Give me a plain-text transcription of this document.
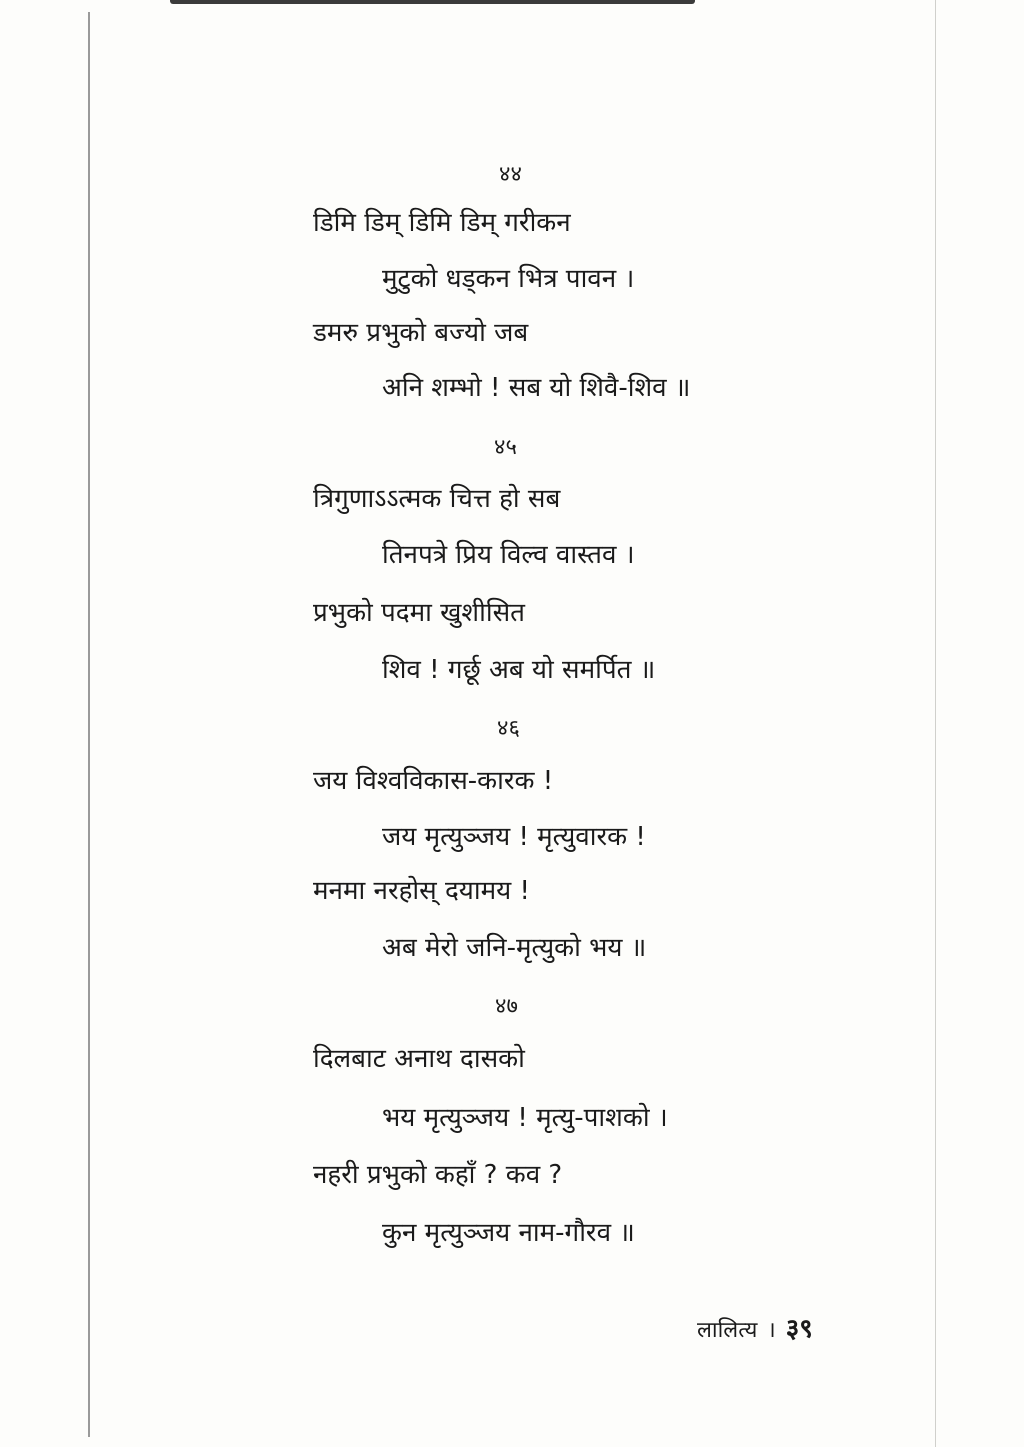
४४
डिमि डिम् डिमि डिम् गरीकन
मुटुको धड्कन भित्र पावन ।
डमरु प्रभुको बज्यो जब
अनि शम्भो ! सब यो शिवै-शिव ॥
४५
त्रिगुणाऽऽत्मक चित्त हो सब
तिनपत्रे प्रिय विल्व वास्तव ।
प्रभुको पदमा खुशीसित
शिव ! गर्छू अब यो समर्पित ॥
४६
जय विश्वविकास-कारक !
जय मृत्युञ्जय ! मृत्युवारक !
मनमा नरहोस् दयामय !
अब मेरो जनि-मृत्युको भय ॥
४७
दिलबाट अनाथ दासको
भय मृत्युञ्जय ! मृत्यु-पाशको ।
नहरी प्रभुको कहाँ ? कव ?
कुन मृत्युञ्जय नाम-गौरव ॥
लालित्य । ३९
